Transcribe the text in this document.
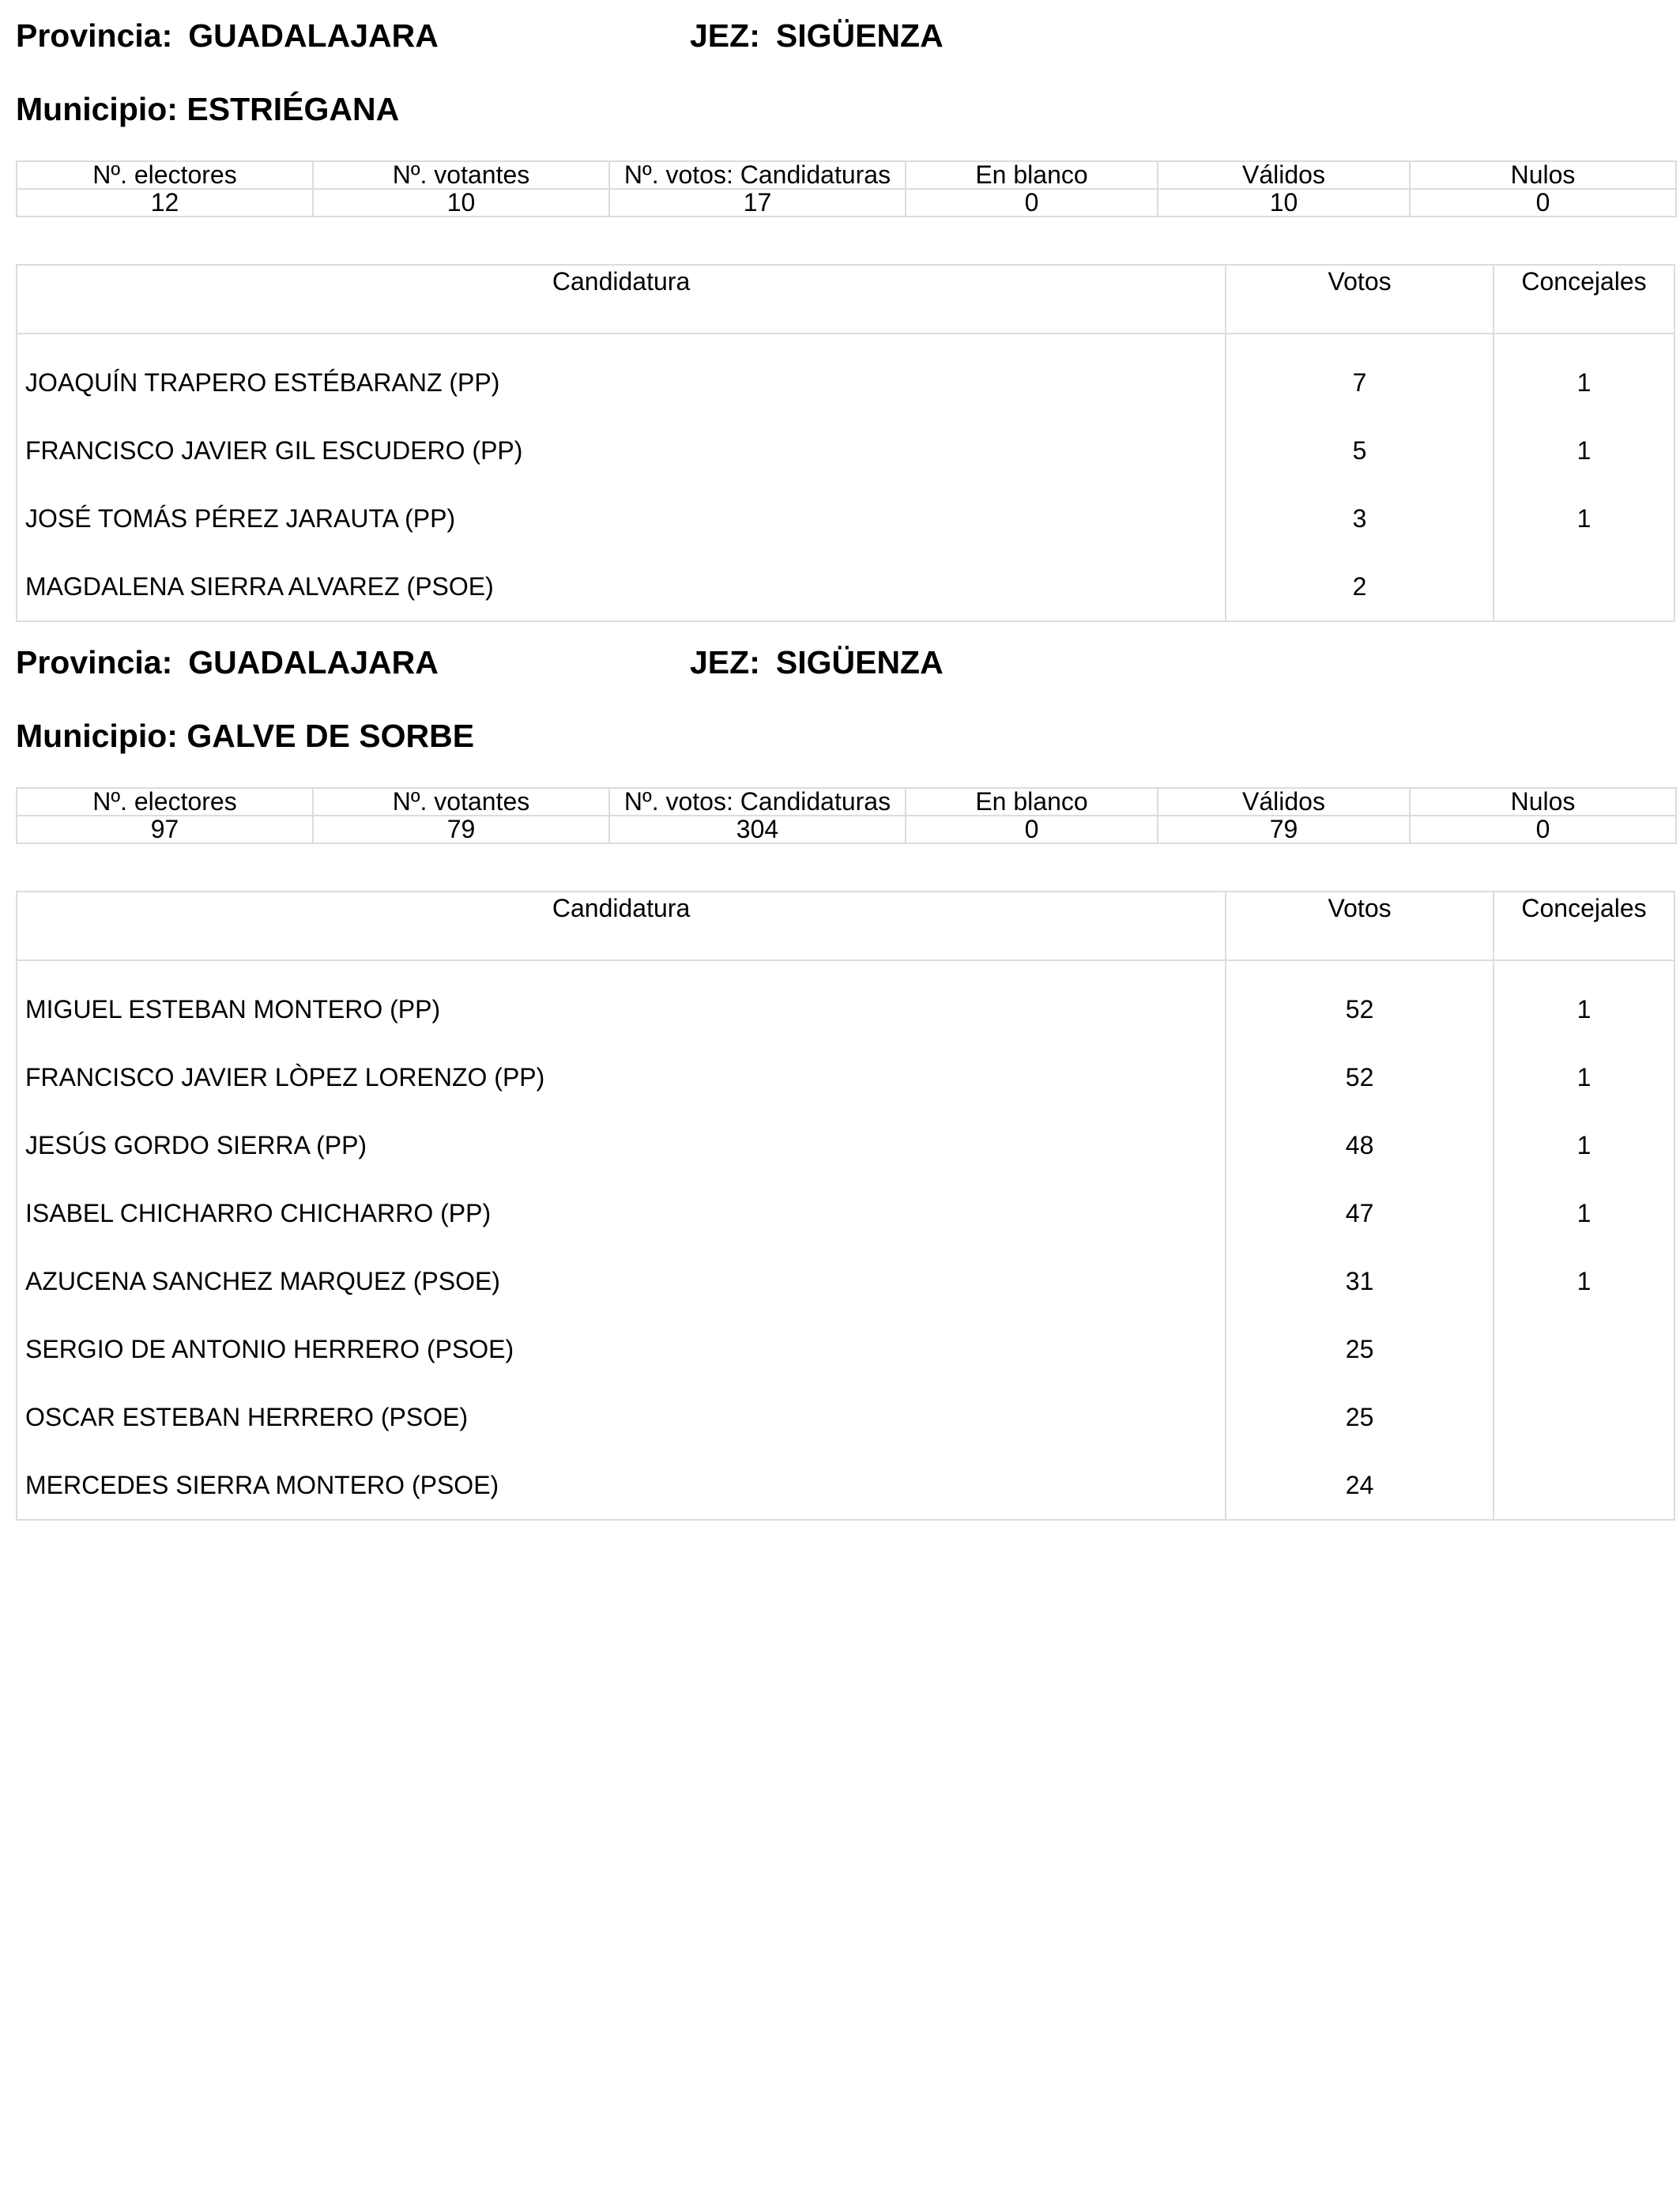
Provincia: GUADALAJARA	JEZ: SIGÜENZA
Municipio: ESTRIÉGANA
Nº. electores	Nº. votantes	Nº. votos: Candidaturas	En blanco	Válidos	Nulos
12	10	17	0	10	0
Candidatura	Votos	Concejales
JOAQUÍN TRAPERO ESTÉBARANZ (PP)	7	1
FRANCISCO JAVIER GIL ESCUDERO (PP)	5	1
JOSÉ TOMÁS PÉREZ JARAUTA (PP)	3	1
MAGDALENA SIERRA ALVAREZ (PSOE)	2	
Provincia: GUADALAJARA	JEZ: SIGÜENZA
Municipio: GALVE DE SORBE
Nº. electores	Nº. votantes	Nº. votos: Candidaturas	En blanco	Válidos	Nulos
97	79	304	0	79	0
Candidatura	Votos	Concejales
MIGUEL ESTEBAN MONTERO (PP)	52	1
FRANCISCO JAVIER LÒPEZ LORENZO (PP)	52	1
JESÚS GORDO SIERRA (PP)	48	1
ISABEL CHICHARRO CHICHARRO (PP)	47	1
AZUCENA SANCHEZ MARQUEZ (PSOE)	31	1
SERGIO DE ANTONIO HERRERO (PSOE)	25	
OSCAR ESTEBAN HERRERO (PSOE)	25	
MERCEDES SIERRA MONTERO (PSOE)	24	
